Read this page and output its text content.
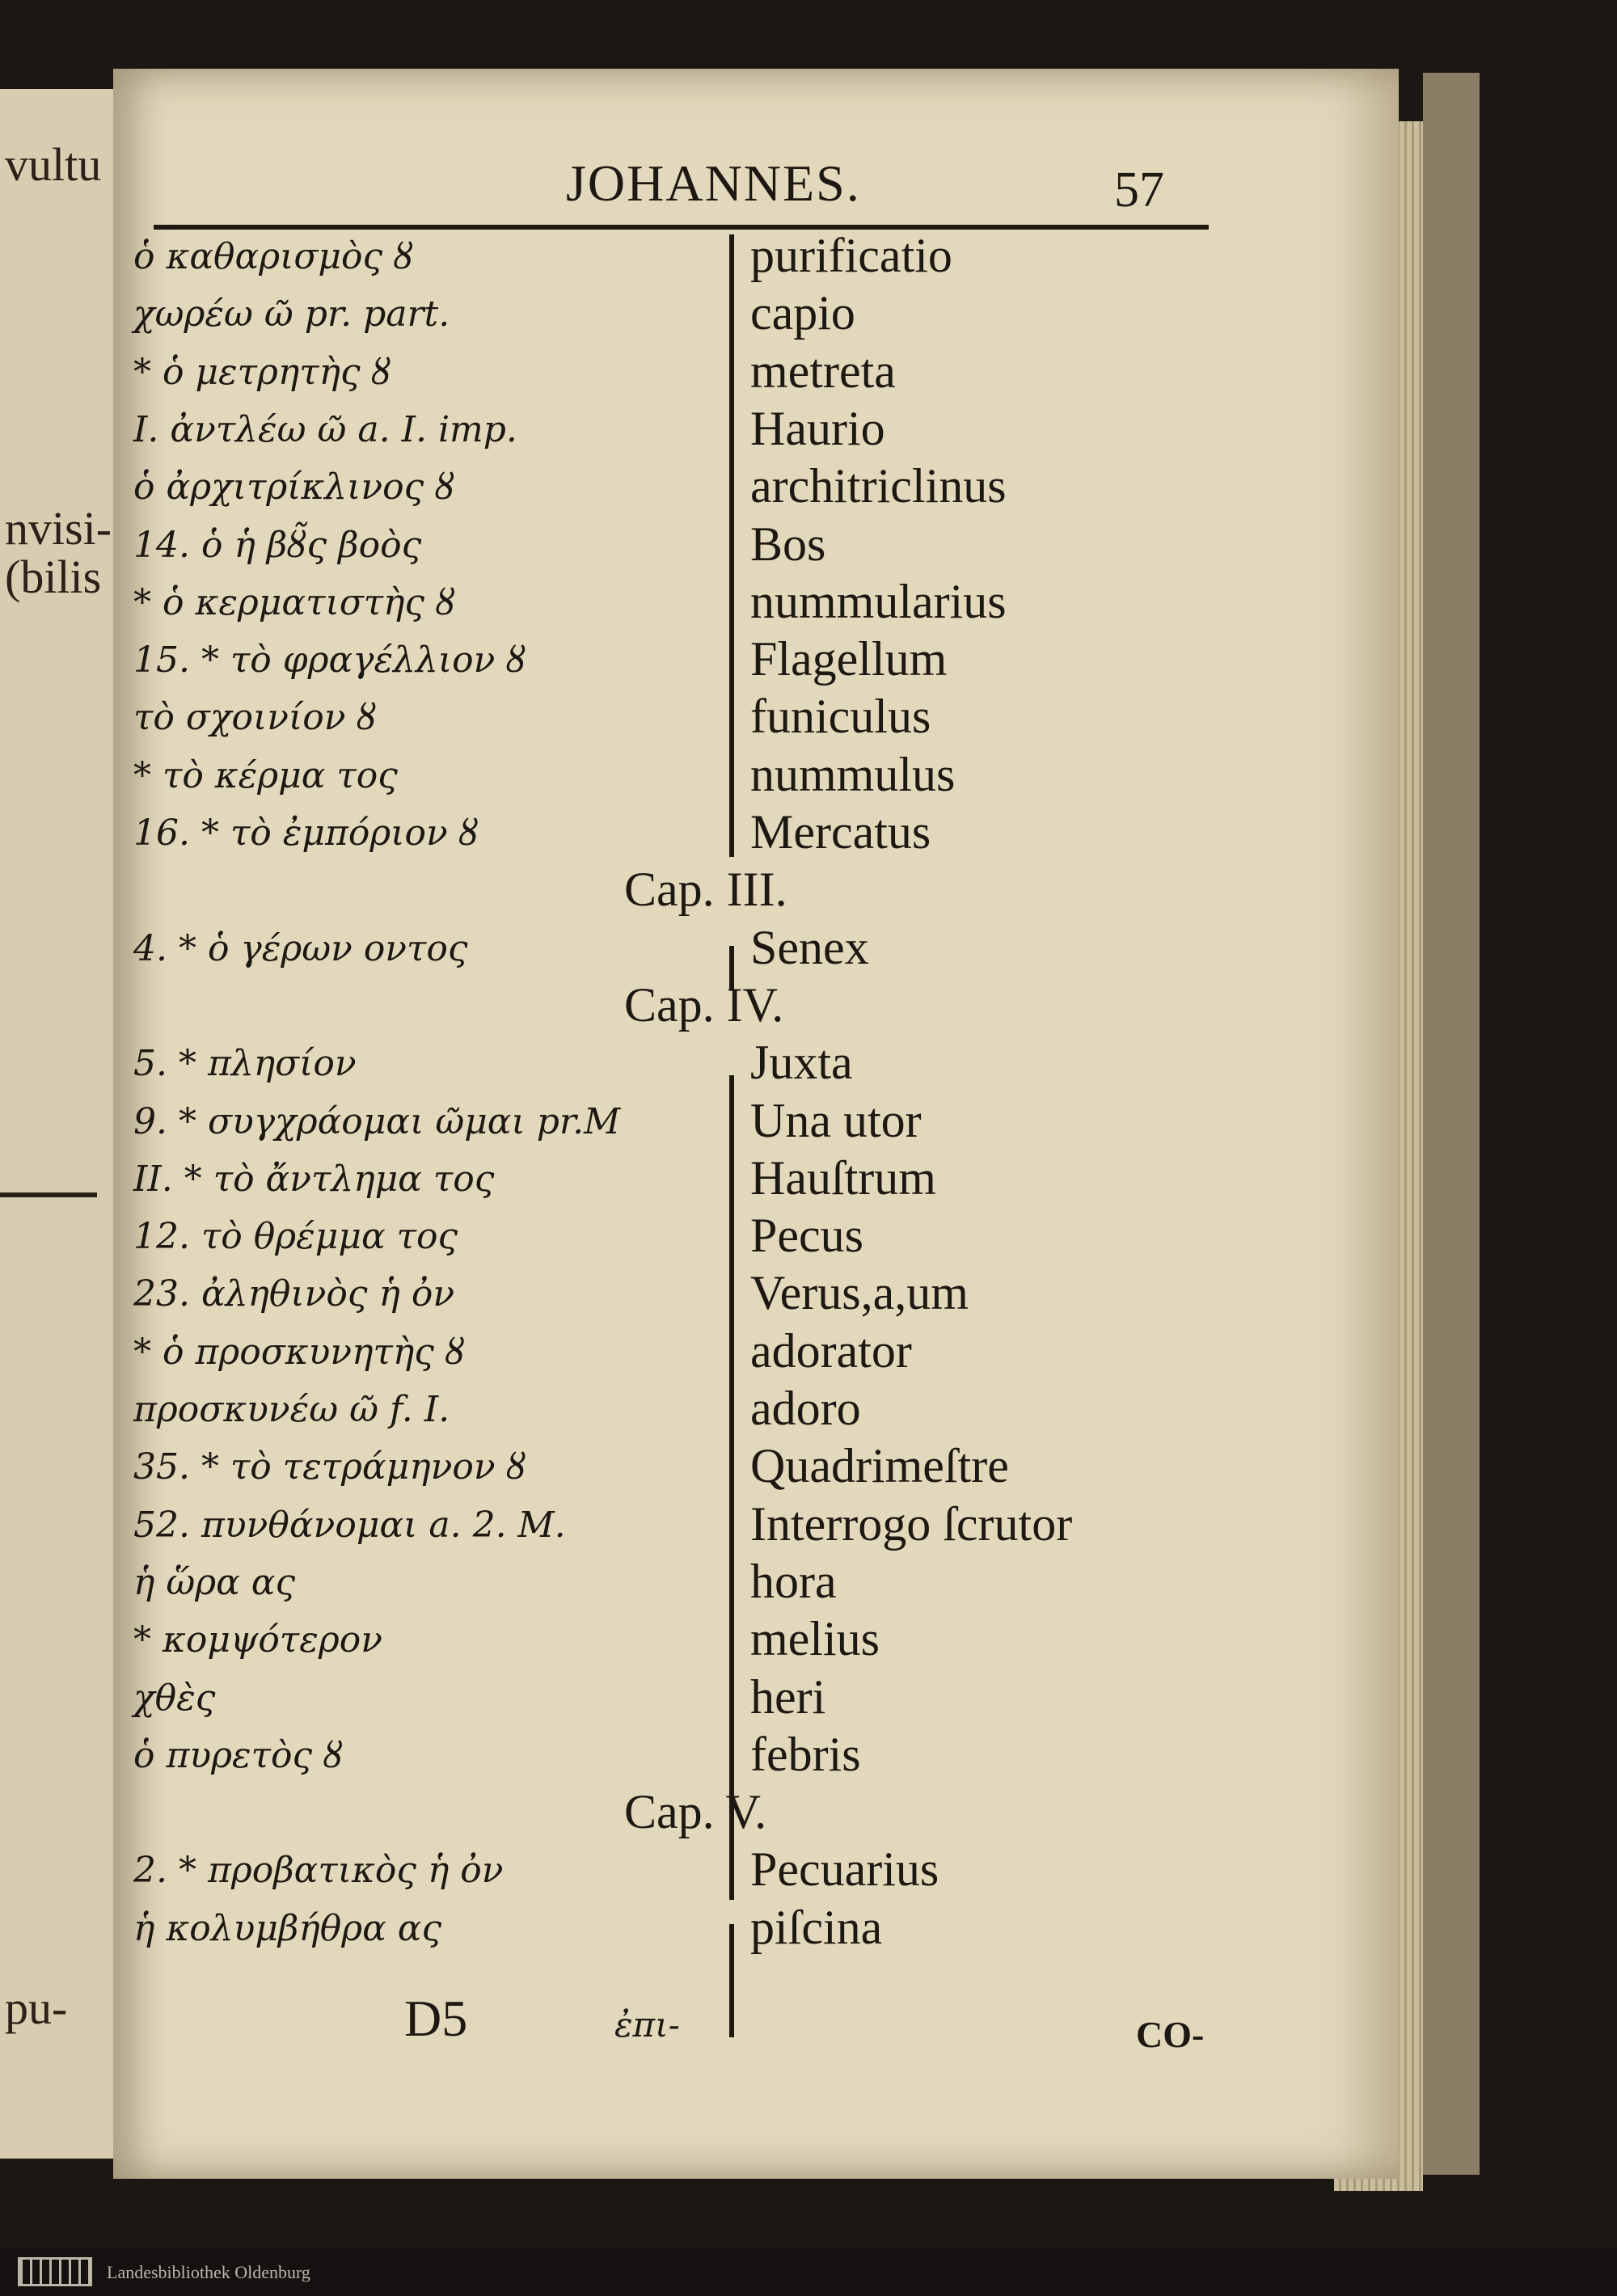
vultu
nvisi-
(bilis
pu-
JOHANNES.	57
ὁ καθαρισμὸς ȣ	purificatio
χωρέω ῶ pr. part.	capio
* ὁ μετρητὴς ȣ	metreta
I. ἀντλέω ῶ a. I. imp.	Haurio
ὁ ἀρχιτρίκλινος ȣ	architriclinus
14. ὁ ἡ βȣ̃ς βοὸς	Bos
* ὁ κερματιστὴς ȣ	nummularius
15. * τὸ φραγέλλιον ȣ	Flagellum
τὸ σχοινίον ȣ	funiculus
* τὸ κέρμα τος	nummulus
16. * τὸ ἐμπόριον ȣ	Mercatus
Cap. III.
4. * ὁ γέρων οντος	Senex
Cap. IV.
5. * πλησίον	Juxta
9. * συγχράομαι ῶμαι pr.M	Una utor
II. * τὸ ἄντλημα τος	Hauſtrum
12. τὸ θρέμμα τος	Pecus
23. ἀληθινὸς ἡ ὀν	Verus,a,um
* ὁ προσκυνητὴς ȣ	adorator
προσκυνέω ῶ f. I.	adoro
35. * τὸ τετράμηνον ȣ	Quadrimeſtre
52. πυνθάνομαι a. 2. M.	Interrogo ſcrutor
ἡ ὥρα ας	hora
* κομψότερον	melius
χθὲς	heri
ὁ πυρετὸς ȣ	febris
Cap. V.
2. * προβατικὸς ἡ ὀν	Pecuarius
ἡ κολυμβήθρα ας	piſcina
D5	ἐπι-	CO-
Landesbibliothek Oldenburg
